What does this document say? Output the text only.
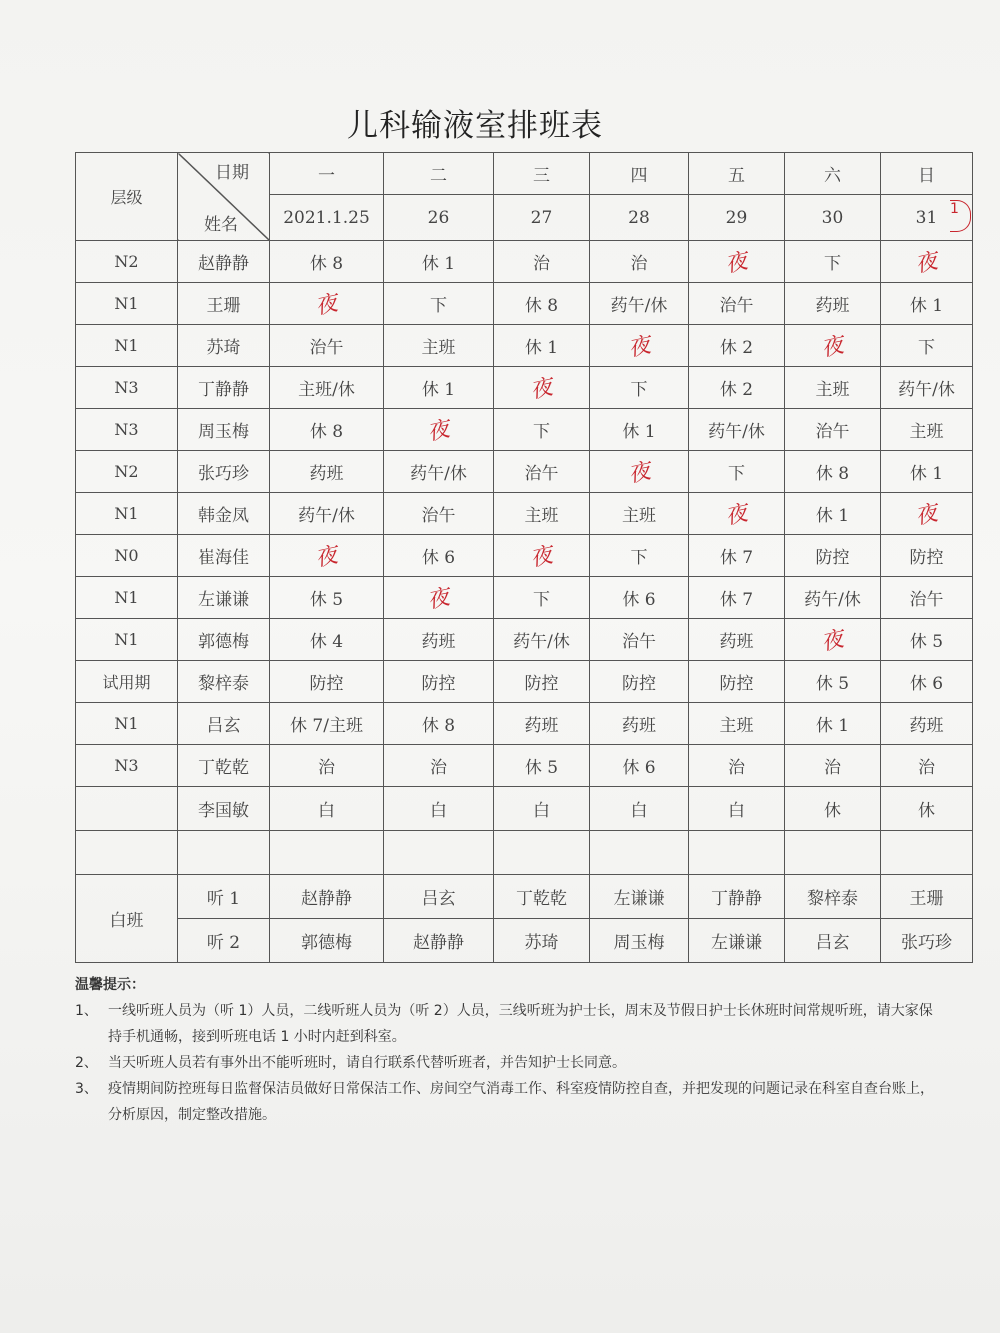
儿科输液室排班表
层级	日期
姓名	一	二	三	四	五	六	日
		2021.1.25	26	27	28	29	30	31
N2	赵静静	休 8	休 1	治	治	夜	下	夜
N1	王珊	夜	下	休 8	药午/休	治午	药班	休 1
N1	苏琦	治午	主班	休 1	夜	休 2	夜	下
N3	丁静静	主班/休	休 1	夜	下	休 2	主班	药午/休
N3	周玉梅	休 8	夜	下	休 1	药午/休	治午	主班
N2	张巧珍	药班	药午/休	治午	夜	下	休 8	休 1
N1	韩金凤	药午/休	治午	主班	主班	夜	休 1	夜
N0	崔海佳	夜	休 6	夜	下	休 7	防控	防控
N1	左谦谦	休 5	夜	下	休 6	休 7	药午/休	治午
N1	郭德梅	休 4	药班	药午/休	治午	药班	夜	休 5
试用期	黎梓泰	防控	防控	防控	防控	防控	休 5	休 6
N1	吕玄	休 7/主班	休 8	药班	药班	主班	休 1	药班
N3	丁乾乾	治	治	休 5	休 6	治	治	治
	李国敏	白	白	白	白	白	休	休

白班	听 1	赵静静	吕玄	丁乾乾	左谦谦	丁静静	黎梓泰	王珊
	听 2	郭德梅	赵静静	苏琦	周玉梅	左谦谦	吕玄	张巧珍
1
温馨提示：
1、 一线听班人员为（听 1）人员，二线听班人员为（听 2）人员，三线听班为护士长，周末及节假日护士长休班时间常规听班，请大家保持手机通畅，接到听班电话 1 小时内赶到科室。
2、 当天听班人员若有事外出不能听班时，请自行联系代替听班者，并告知护士长同意。
3、 疫情期间防控班每日监督保洁员做好日常保洁工作、房间空气消毒工作、科室疫情防控自查，并把发现的问题记录在科室自查台账上，分析原因，制定整改措施。
